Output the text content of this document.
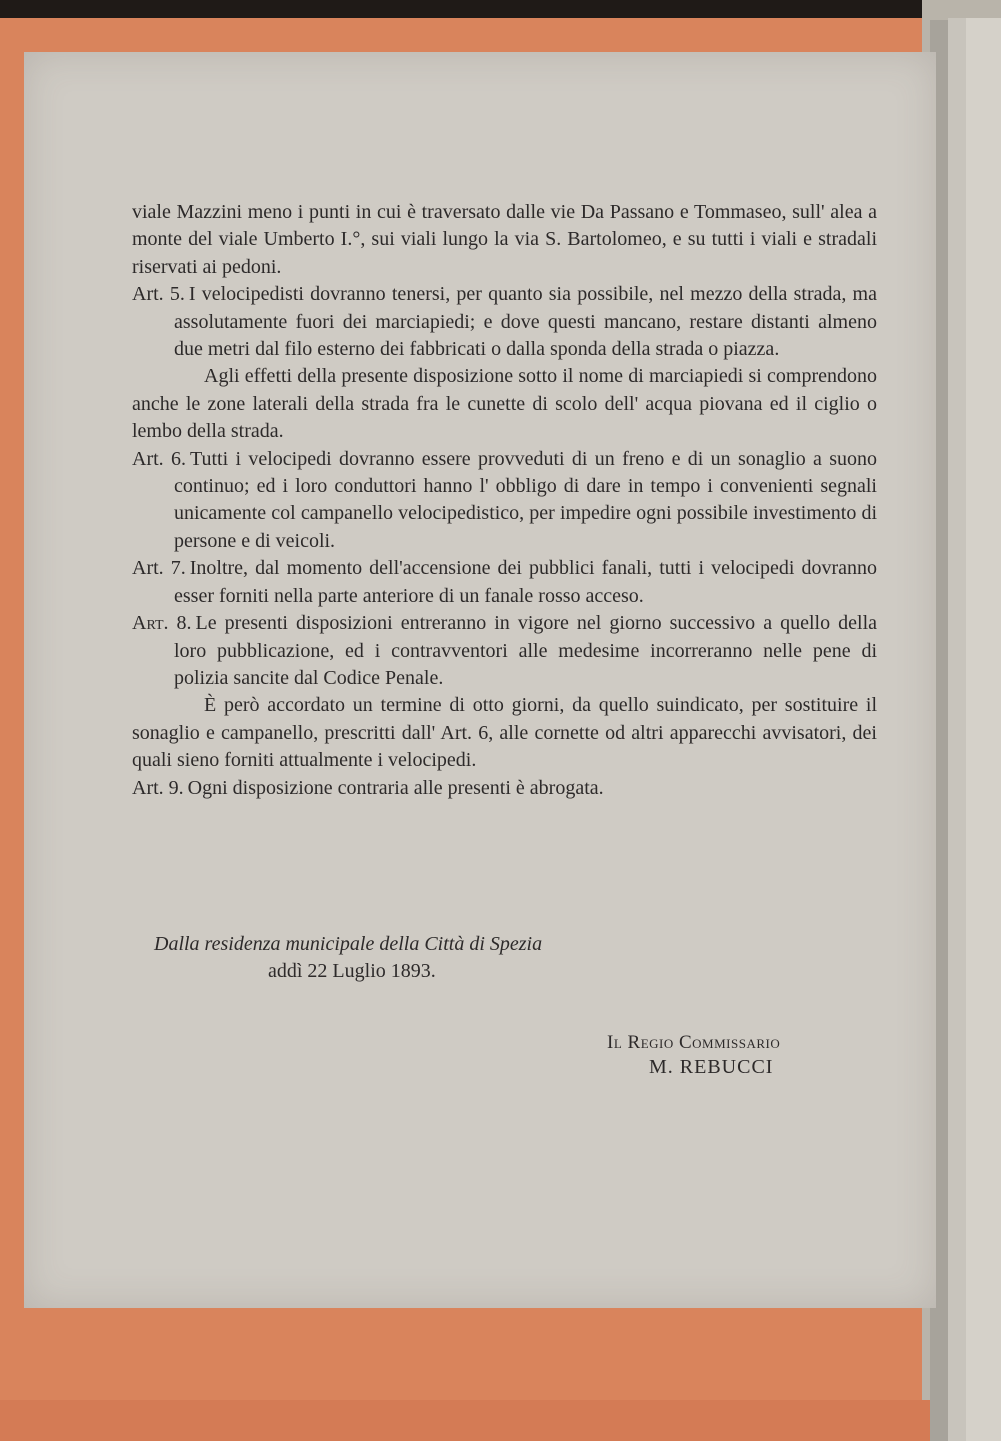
viale Mazzini meno i punti in cui è traversato dalle vie Da Passano e Tommaseo, sull' alea a monte del viale Umberto I.°, sui viali lungo la via S. Bartolomeo, e su tutti i viali e stradali riservati ai pedoni.

Art. 5. I velocipedisti dovranno tenersi, per quanto sia possibile, nel mezzo della strada, ma assolutamente fuori dei marciapiedi; e dove questi mancano, restare distanti almeno due metri dal filo esterno dei fabbricati o dalla sponda della strada o piazza.

Agli effetti della presente disposizione sotto il nome di marciapiedi si comprendono anche le zone laterali della strada fra le cunette di scolo dell' acqua piovana ed il ciglio o lembo della strada.

Art. 6. Tutti i velocipedi dovranno essere provveduti di un freno e di un sonaglio a suono continuo; ed i loro conduttori hanno l' obbligo di dare in tempo i convenienti segnali unicamente col campanello velocipedistico, per impedire ogni possibile investimento di persone e di veicoli.

Art. 7. Inoltre, dal momento dell'accensione dei pubblici fanali, tutti i velocipedi dovranno esser forniti nella parte anteriore di un fanale rosso acceso.

Art. 8. Le presenti disposizioni entreranno in vigore nel giorno successivo a quello della loro pubblicazione, ed i contravventori alle medesime incorreranno nelle pene di polizia sancite dal Codice Penale.

È però accordato un termine di otto giorni, da quello suindicato, per sostituire il sonaglio e campanello, prescritti dall' Art. 6, alle cornette od altri apparecchi avvisatori, dei quali sieno forniti attualmente i velocipedi.

Art. 9. Ogni disposizione contraria alle presenti è abrogata.

Dalla residenza municipale della Città di Spezia
addì 22 Luglio 1893.
Il Regio Commissario
M. REBUCCI
